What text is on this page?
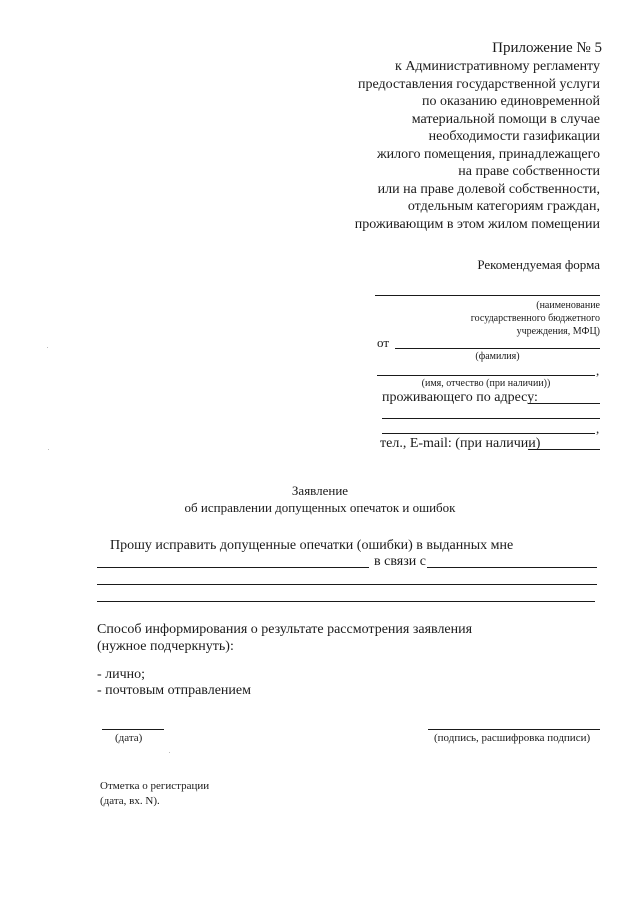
Приложение № 5
к Административному регламенту
предоставления государственной услуги
по оказанию единовременной
материальной помощи в случае
необходимости газификации
жилого помещения, принадлежащего
на праве собственности
или на праве долевой собственности,
отдельным категориям граждан,
проживающим в этом жилом помещении
Рекомендуемая форма
(наименование
государственного бюджетного
учреждения, МФЦ)
от
(фамилия)
,
(имя, отчество (при наличии))
проживающего по адресу:
,
тел., E-mail: (при наличии)
Заявление
об исправлении допущенных опечаток и ошибок
Прошу исправить допущенные опечатки (ошибки) в выданных мне
в связи с
Способ информирования о результате рассмотрения заявления
(нужное подчеркнуть):
- лично;
- почтовым отправлением
(дата)	(подпись, расшифровка подписи)
Отметка о регистрации
(дата, вх. N).
